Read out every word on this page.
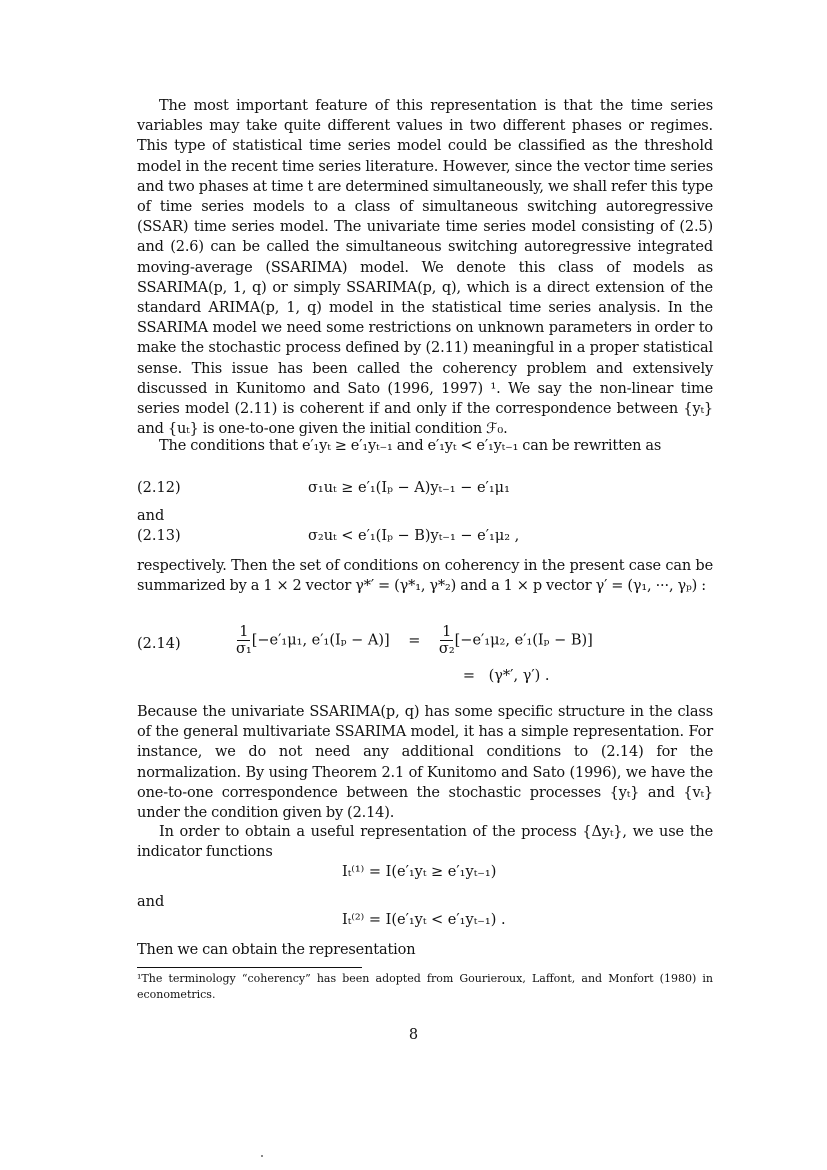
The most important feature of this representation is that the time series variables may take quite different values in two different phases or regimes. This type of statistical time series model could be classified as the threshold model in the recent time series literature. However, since the vector time series and two phases at time t are determined simultaneously, we shall refer this type of time series models to a class of simultaneous switching autoregressive (SSAR) time series model. The univariate time series model consisting of (2.5) and (2.6) can be called the simultaneous switching autoregressive integrated moving-average (SSARIMA) model. We denote this class of models as SSARIMA(p, 1, q) or simply SSARIMA(p, q), which is a direct extension of the standard ARIMA(p, 1, q) model in the statistical time series analysis. In the SSARIMA model we need some restrictions on unknown parameters in order to make the stochastic process defined by (2.11) meaningful in a proper statistical sense. This issue has been called the coherency problem and extensively discussed in Kunitomo and Sato (1996, 1997) ¹. We say the non-linear time series model (2.11) is coherent if and only if the correspondence between {yₜ} and {uₜ} is one-to-one given the initial condition ℱ₀.

The conditions that e′₁yₜ ≥ e′₁yₜ₋₁ and e′₁yₜ < e′₁yₜ₋₁ can be rewritten as

(2.12)	σ₁uₜ ≥ e′₁(Iₚ − A)yₜ₋₁ − e′₁μ₁
and
(2.13)	σ₂uₜ < e′₁(Iₚ − B)yₜ₋₁ − e′₁μ₂ ,

respectively. Then the set of conditions on coherency in the present case can be summarized by a 1 × 2 vector γ*′ = (γ*₁, γ*₂) and a 1 × p vector γ′ = (γ₁, ···, γₚ) :

(2.14)	$\frac{1}{\text{σ₁}} [-e'_1\mu_1$, $e'_1(I_p - A)] = \frac{1}{\text{σ₂}} [-e'_1\mu_2$, e′₁(Iₚ − B)]
= (γ*′, γ′) .

Because the univariate SSARIMA(p, q) has some specific structure in the class of the general multivariate SSARIMA model, it has a simple representation. For instance, we do not need any additional conditions to (2.14) for the normalization. By using Theorem 2.1 of Kunitomo and Sato (1996), we have the one-to-one correspondence between the stochastic processes {yₜ} and {vₜ} under the condition given by (2.14).

In order to obtain a useful representation of the process {Δyₜ}, we use the indicator functions

Iₜ⁽¹⁾ = I(e′₁yₜ ≥ e′₁yₜ₋₁)
and
Iₜ⁽²⁾ = I(e′₁yₜ < e′₁yₜ₋₁) .

Then we can obtain the representation

¹The terminology “coherency” has been adopted from Gourieroux, Laffont, and Monfort (1980) in econometrics.

8
